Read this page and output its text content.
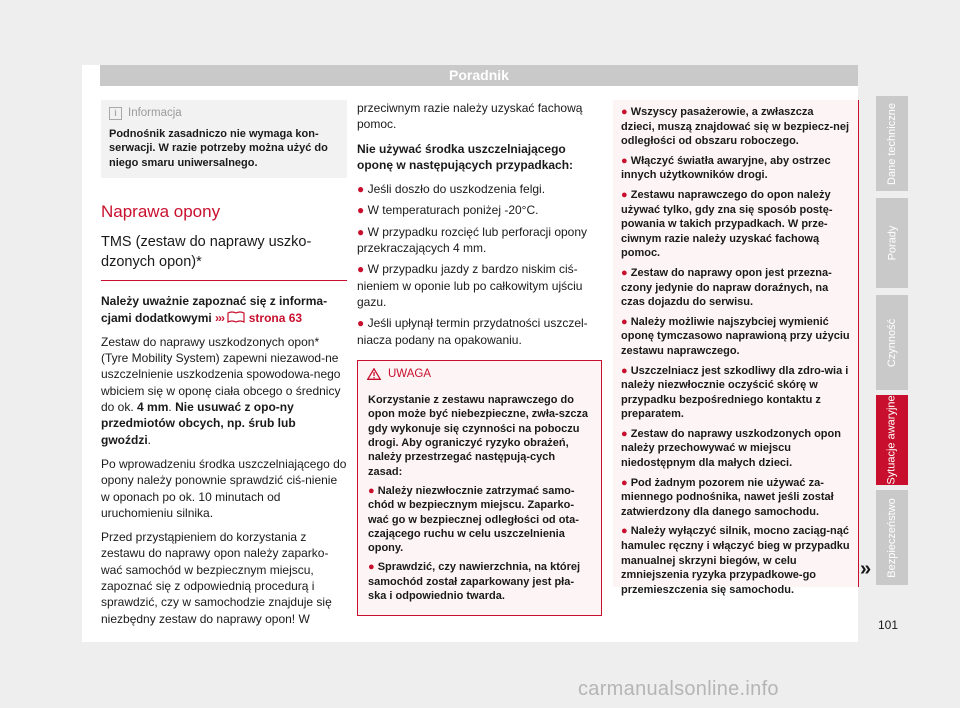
Poradnik
i Informacja
Podnośnik zasadniczo nie wymaga kon-serwacji. W razie potrzeby można użyć do niego smaru uniwersalnego.
Naprawa opony
TMS (zestaw do naprawy uszko-dzonych opon)*

Należy uważnie zapoznać się z informa-cjami dodatkowymi ››› strona 63

Zestaw do naprawy uszkodzonych opon* (Tyre Mobility System) zapewni niezawod-ne uszczelnienie uszkodzenia spowodowa-nego wbiciem się w oponę ciała obcego o średnicy do ok. 4 mm. Nie usuwać z opo-ny przedmiotów obcych, np. śrub lub gwoździ.

Po wprowadzeniu środka uszczelniającego do opony należy ponownie sprawdzić ciś-nienie w oponach po ok. 10 minutach od uruchomieniu silnika.

Przed przystąpieniem do korzystania z zestawu do naprawy opon należy zaparko-wać samochód w bezpiecznym miejscu, zapoznać się z odpowiednią procedurą i sprawdzić, czy w samochodzie znajduje się niezbędny zestaw do naprawy opon! W

przeciwnym razie należy uzyskać fachową pomoc.

Nie używać środka uszczelniającego oponę w następujących przypadkach:

● Jeśli doszło do uszkodzenia felgi.

● W temperaturach poniżej -20°C.

● W przypadku rozcięć lub perforacji opony przekraczających 4 mm.

● W przypadku jazdy z bardzo niskim ciś-nieniem w oponie lub po całkowitym ujściu gazu.

● Jeśli upłynął termin przydatności uszczel-niacza podany na opakowaniu.

UWAGA

Korzystanie z zestawu naprawczego do opon może być niebezpieczne, zwła-szcza gdy wykonuje się czynności na poboczu drogi. Aby ograniczyć ryzyko obrażeń, należy przestrzegać następują-cych zasad:

● Należy niezwłocznie zatrzymać samo-chód w bezpiecznym miejscu. Zaparko-wać go w bezpiecznej odległości od ota-czającego ruchu w celu uszczelnienia opony.

● Sprawdzić, czy nawierzchnia, na której samochód został zaparkowany jest pła-ska i odpowiednio twarda.

● Wszyscy pasażerowie, a zwłaszcza dzieci, muszą znajdować się w bezpiecz-nej odległości od obszaru roboczego.

● Włączyć światła awaryjne, aby ostrzec innych użytkowników drogi.

● Zestawu naprawczego do opon należy używać tylko, gdy zna się sposób postę-powania w takich przypadkach. W prze-ciwnym razie należy uzyskać fachową pomoc.

● Zestaw do naprawy opon jest przezna-czony jedynie do napraw doraźnych, na czas dojazdu do serwisu.

● Należy możliwie najszybciej wymienić oponę tymczasowo naprawioną przy użyciu zestawu naprawczego.

● Uszczelniacz jest szkodliwy dla zdro-wia i należy niezwłocznie oczyścić skórę w przypadku bezpośredniego kontaktu z preparatem.

● Zestaw do naprawy uszkodzonych opon należy przechowywać w miejscu niedostępnym dla małych dzieci.

● Pod żadnym pozorem nie używać za-miennego podnośnika, nawet jeśli został zatwierdzony dla danego samochodu.

● Należy wyłączyć silnik, mocno zaciąg-nąć hamulec ręczny i włączyć bieg w przypadku manualnej skrzyni biegów, w celu zmniejszenia ryzyka przypadkowe-go przemieszczenia się samochodu.

»
Dane techniczne
Porady
Czynność
Sytuacje awaryjne
Bezpieczeństwo
101
carmanualsonline.info
